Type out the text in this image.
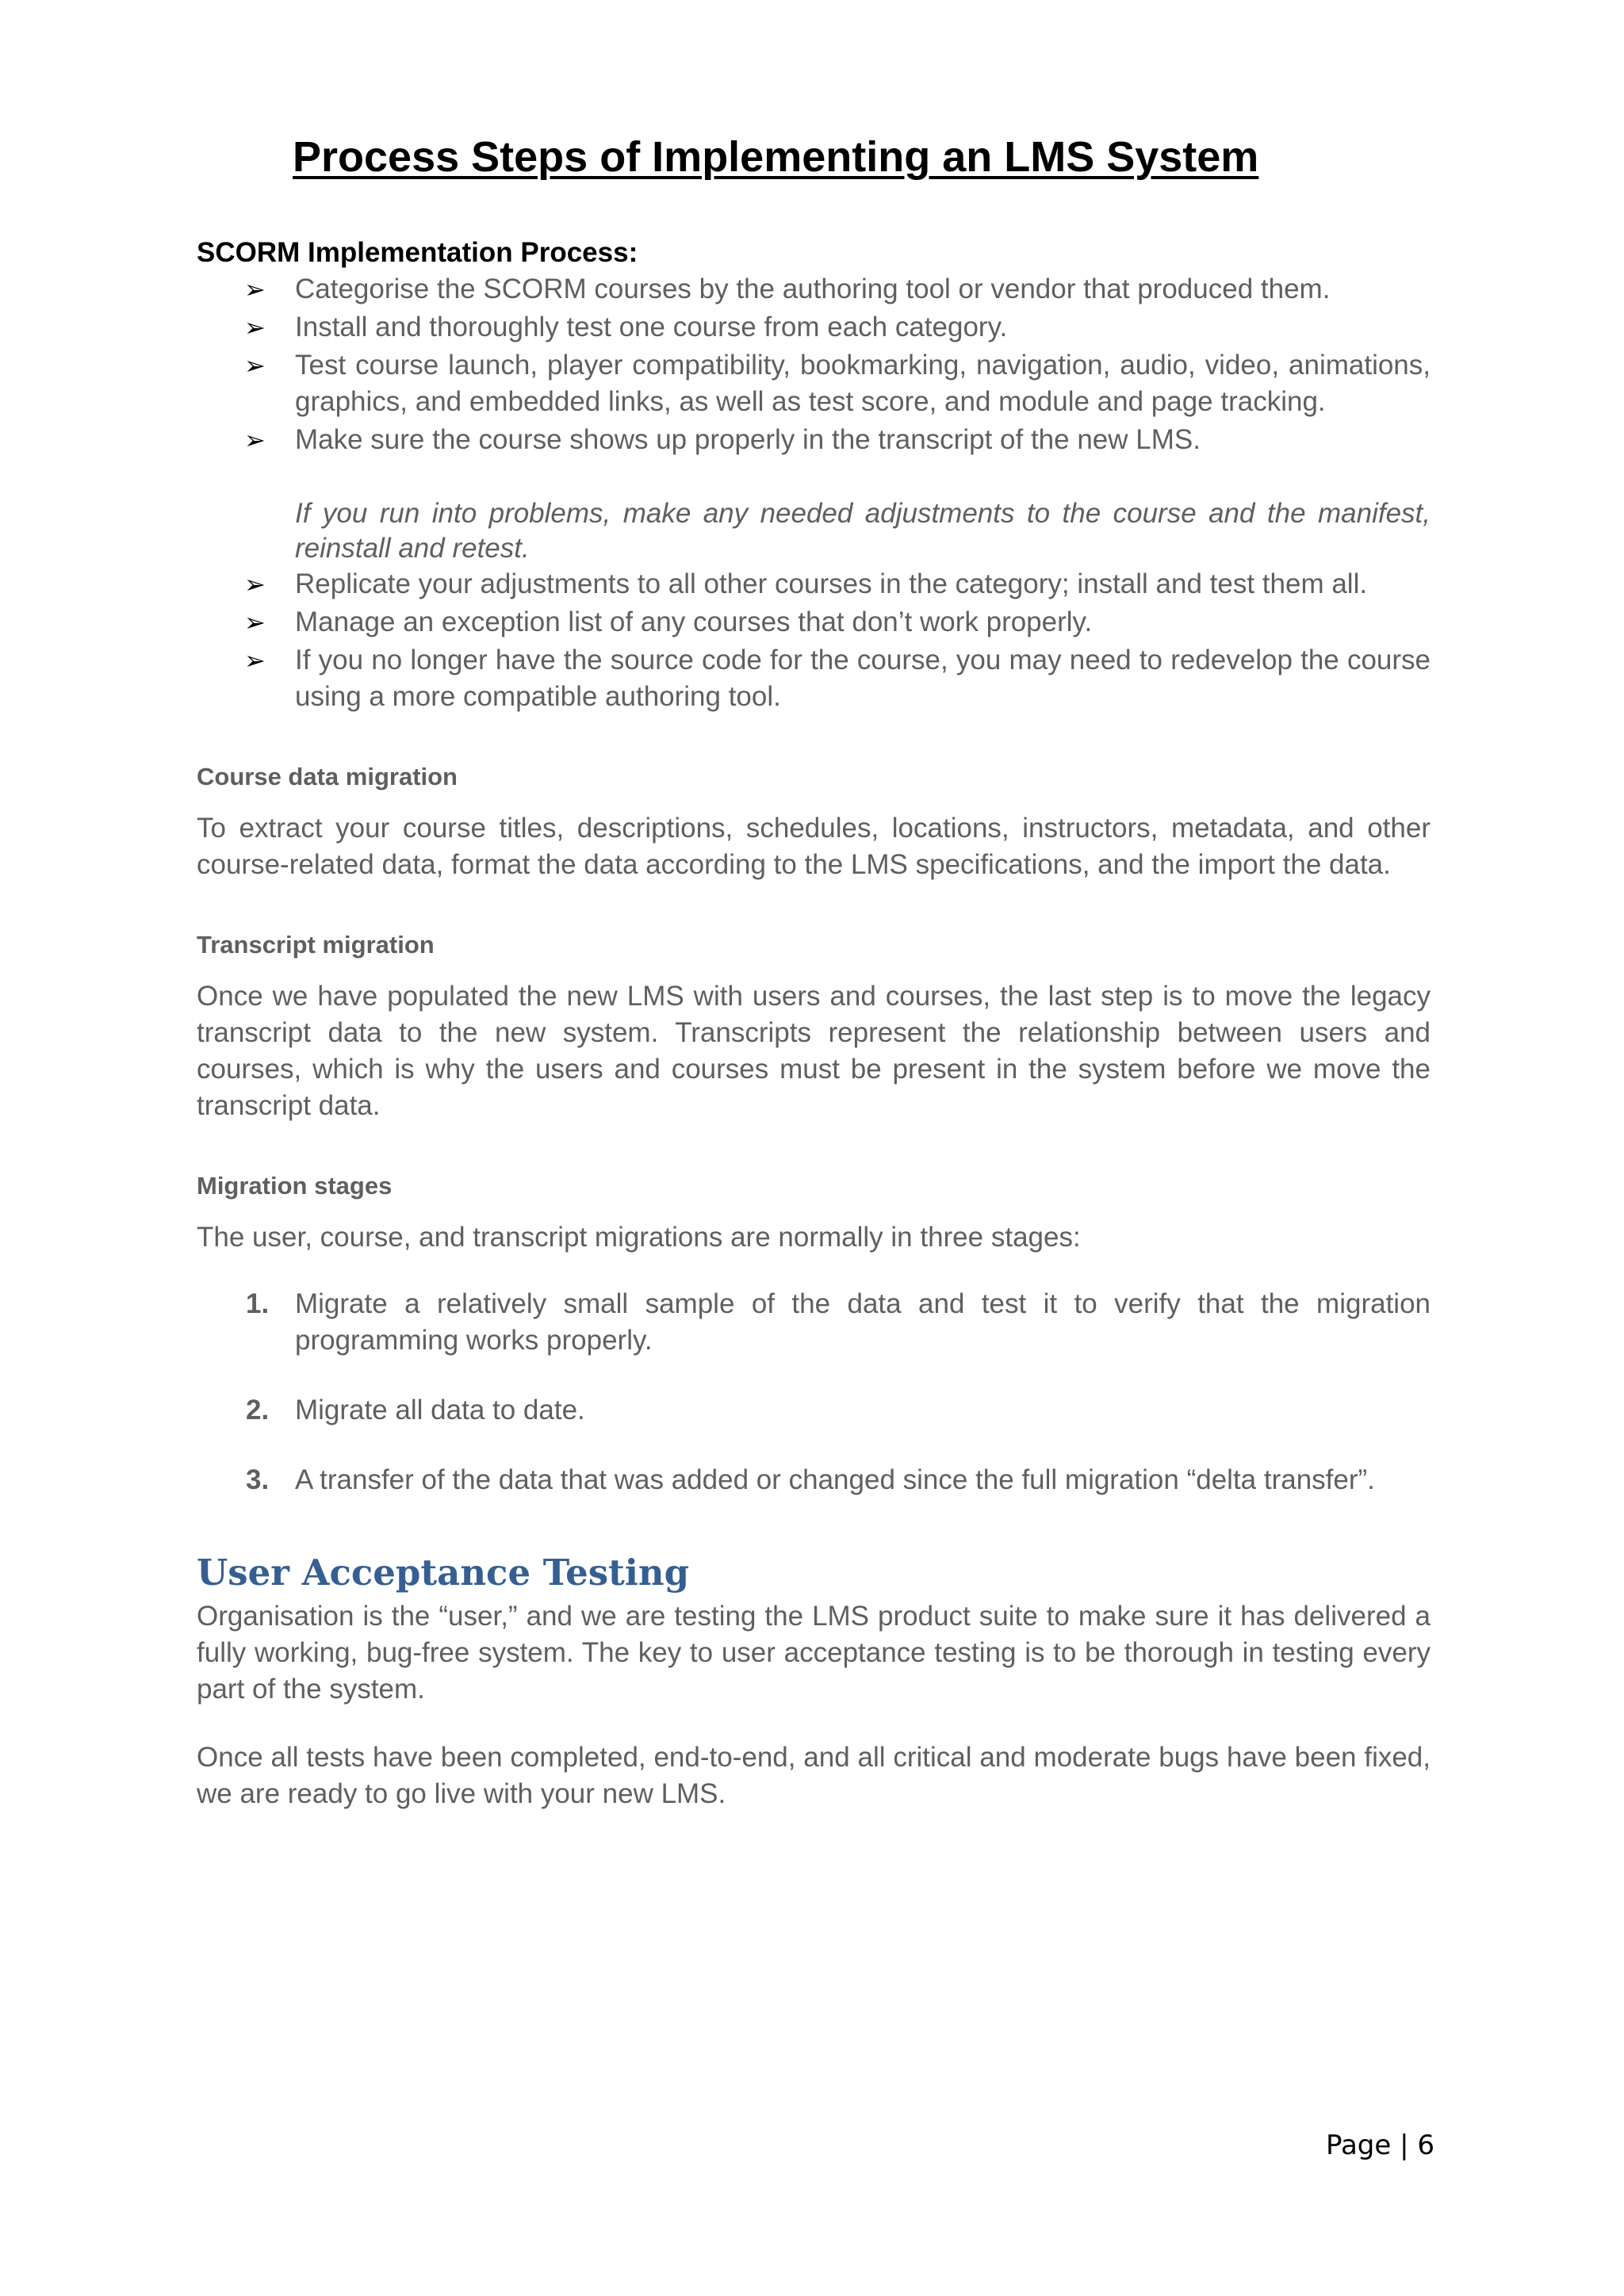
Process Steps of Implementing an LMS System
SCORM Implementation Process:
➢ Categorise the SCORM courses by the authoring tool or vendor that produced them.
➢ Install and thoroughly test one course from each category.
➢ Test course launch, player compatibility, bookmarking, navigation, audio, video, animations, graphics, and embedded links, as well as test score, and module and page tracking.
➢ Make sure the course shows up properly in the transcript of the new LMS.
If you run into problems, make any needed adjustments to the course and the manifest, reinstall and retest.
➢ Replicate your adjustments to all other courses in the category; install and test them all.
➢ Manage an exception list of any courses that don’t work properly.
➢ If you no longer have the source code for the course, you may need to redevelop the course using a more compatible authoring tool.
Course data migration

To extract your course titles, descriptions, schedules, locations, instructors, metadata, and other course-related data, format the data according to the LMS specifications, and the import the data.

Transcript migration

Once we have populated the new LMS with users and courses, the last step is to move the legacy transcript data to the new system. Transcripts represent the relationship between users and courses, which is why the users and courses must be present in the system before we move the transcript data.

Migration stages

The user, course, and transcript migrations are normally in three stages:

1. Migrate a relatively small sample of the data and test it to verify that the migration programming works properly.
2. Migrate all data to date.
3. A transfer of the data that was added or changed since the full migration “delta transfer”.
User Acceptance Testing

Organisation is the “user,” and we are testing the LMS product suite to make sure it has delivered a fully working, bug-free system. The key to user acceptance testing is to be thorough in testing every part of the system.

Once all tests have been completed, end-to-end, and all critical and moderate bugs have been fixed, we are ready to go live with your new LMS.

Page | 6
